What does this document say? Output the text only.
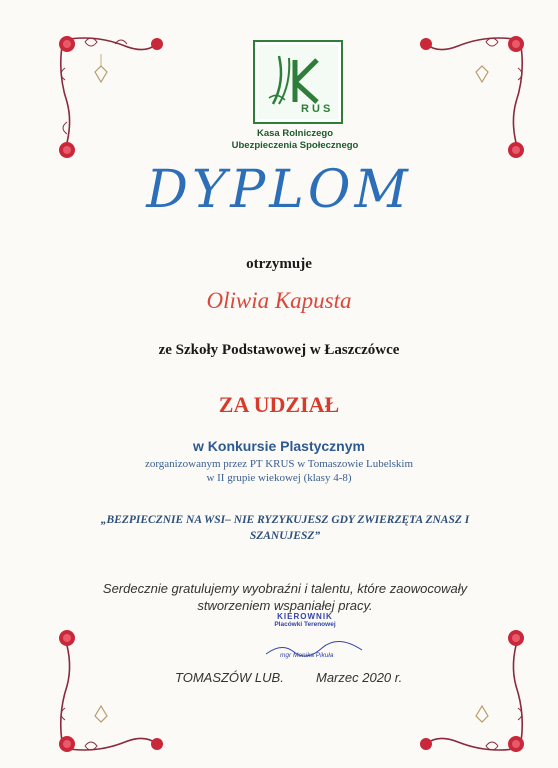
R U S
Kasa Rolniczego
Ubezpieczenia Społecznego
DYPLOM
otrzymuje
Oliwia Kapusta
ze Szkoły Podstawowej w Łaszczówce
ZA UDZIAŁ
w Konkursie Plastycznym
zorganizowanym przez PT KRUS w Tomaszowie Lubelskim
w II grupie wiekowej (klasy 4-8)
„BEZPIECZNIE NA WSI– NIE RYZYKUJESZ GDY ZWIERZĘTA ZNASZ I SZANUJESZ”
Serdecznie gratulujemy wyobraźni i talentu, które zaowocowały stworzeniem wspaniałej pracy.
KIEROWNIK
Placówki Terenowej
mgr Monika Pikuła
TOMASZÓW LUB. Marzec 2020 r.
